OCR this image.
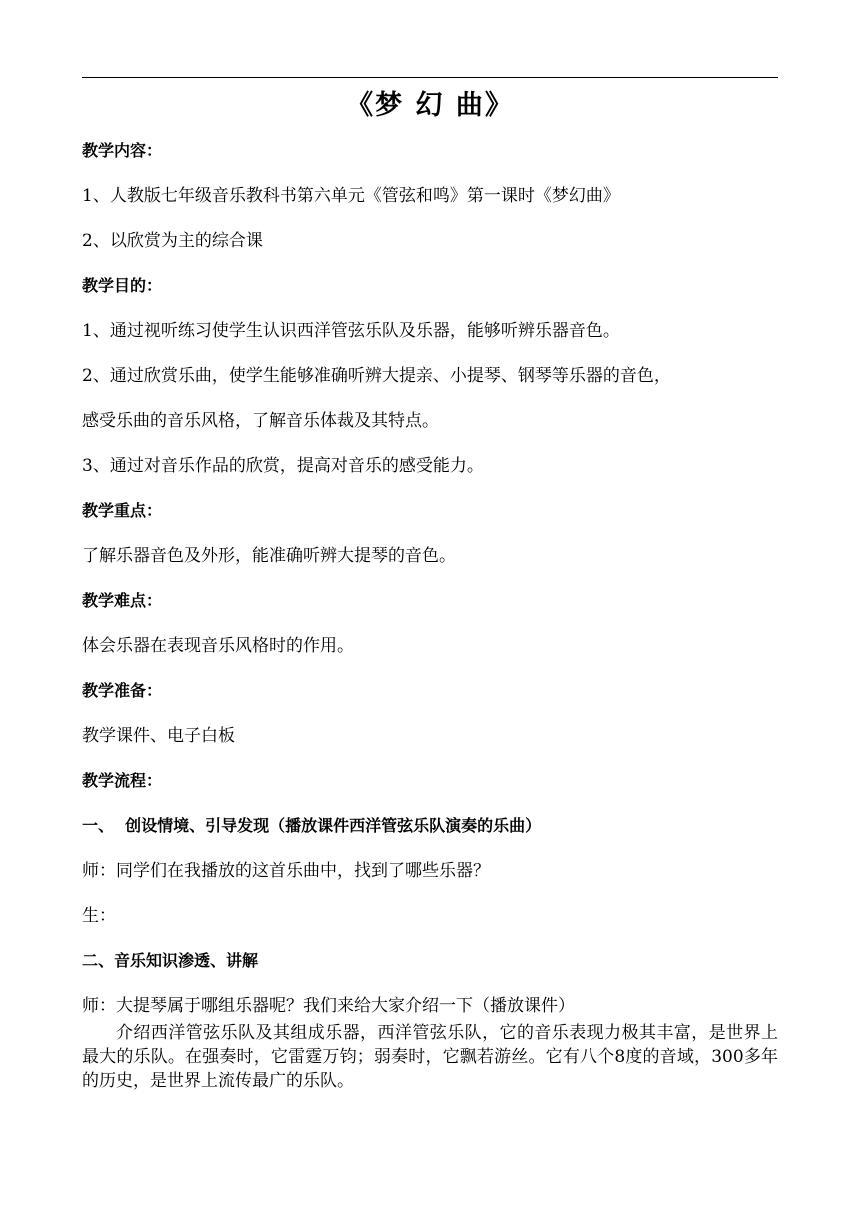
《梦 幻 曲》
教学内容：
1、人教版七年级音乐教科书第六单元《管弦和鸣》第一课时《梦幻曲》
2、以欣赏为主的综合课
教学目的：
1、通过视听练习使学生认识西洋管弦乐队及乐器，能够听辨乐器音色。
2、通过欣赏乐曲，使学生能够准确听辨大提亲、小提琴、钢琴等乐器的音色，
感受乐曲的音乐风格，了解音乐体裁及其特点。
3、通过对音乐作品的欣赏，提高对音乐的感受能力。
教学重点：
了解乐器音色及外形，能准确听辨大提琴的音色。
教学难点：
体会乐器在表现音乐风格时的作用。
教学准备：
教学课件、电子白板
教学流程：
一、  创设情境、引导发现（播放课件西洋管弦乐队演奏的乐曲）
师：同学们在我播放的这首乐曲中，找到了哪些乐器？
生：
二、音乐知识渗透、讲解
师：大提琴属于哪组乐器呢？我们来给大家介绍一下（播放课件）
介绍西洋管弦乐队及其组成乐器，西洋管弦乐队，它的音乐表现力极其丰富，是世界上最大的乐队。在强奏时，它雷霆万钧；弱奏时，它飘若游丝。它有八个8度的音域，300多年的历史，是世界上流传最广的乐队。
